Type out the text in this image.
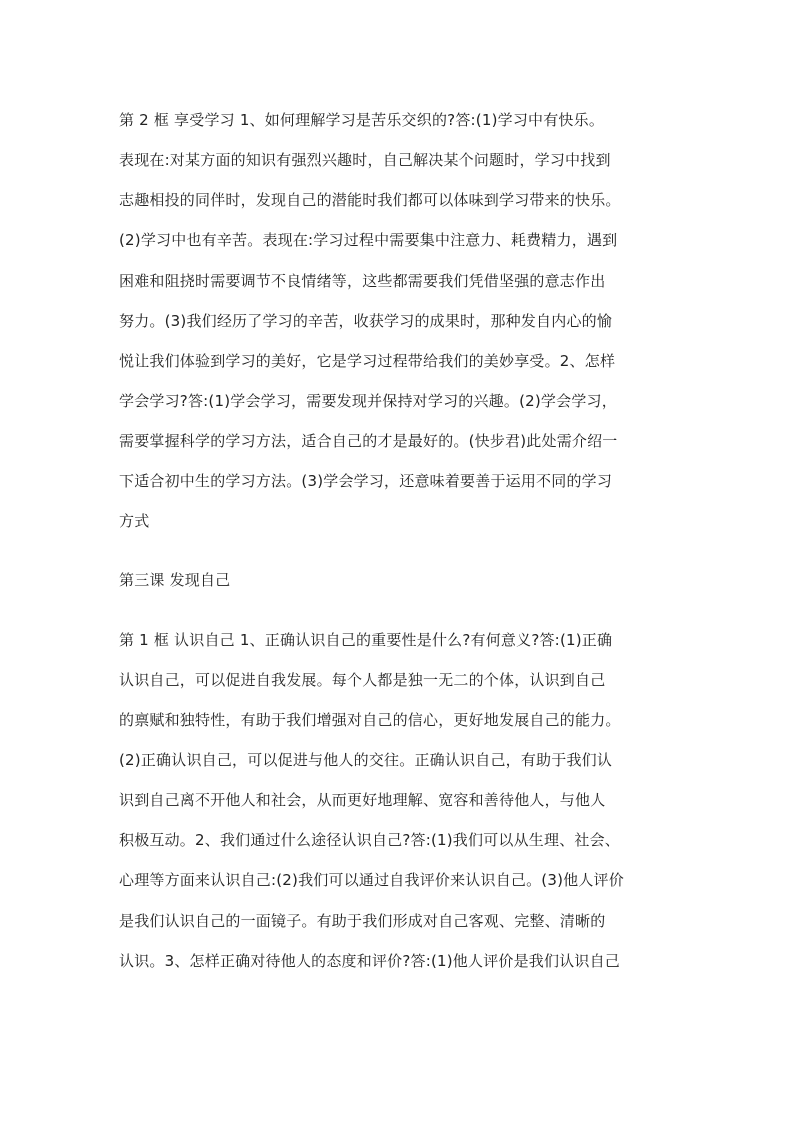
第 2 框 享受学习 1、如何理解学习是苦乐交织的?答:(1)学习中有快乐。
表现在:对某方面的知识有强烈兴趣时，自己解决某个问题时，学习中找到
志趣相投的同伴时，发现自己的潜能时我们都可以体味到学习带来的快乐。
(2)学习中也有辛苦。表现在:学习过程中需要集中注意力、耗费精力，遇到
困难和阻挠时需要调节不良情绪等，这些都需要我们凭借坚强的意志作出
努力。(3)我们经历了学习的辛苦，收获学习的成果时，那种发自内心的愉
悦让我们体验到学习的美好，它是学习过程带给我们的美妙享受。2、怎样
学会学习?答:(1)学会学习，需要发现并保持对学习的兴趣。(2)学会学习，
需要掌握科学的学习方法，适合自己的才是最好的。(快步君)此处需介绍一
下适合初中生的学习方法。(3)学会学习，还意味着要善于运用不同的学习
方式
第三课 发现自己
第 1 框 认识自己 1、正确认识自己的重要性是什么?有何意义?答:(1)正确
认识自己，可以促进自我发展。每个人都是独一无二的个体，认识到自己
的禀赋和独特性，有助于我们增强对自己的信心，更好地发展自己的能力。
(2)正确认识自己，可以促进与他人的交往。正确认识自己，有助于我们认
识到自己离不开他人和社会，从而更好地理解、宽容和善待他人，与他人
积极互动。2、我们通过什么途径认识自己?答:(1)我们可以从生理、社会、
心理等方面来认识自己:(2)我们可以通过自我评价来认识自己。(3)他人评价
是我们认识自己的一面镜子。有助于我们形成对自己客观、完整、清晰的
认识。3、怎样正确对待他人的态度和评价?答:(1)他人评价是我们认识自己
